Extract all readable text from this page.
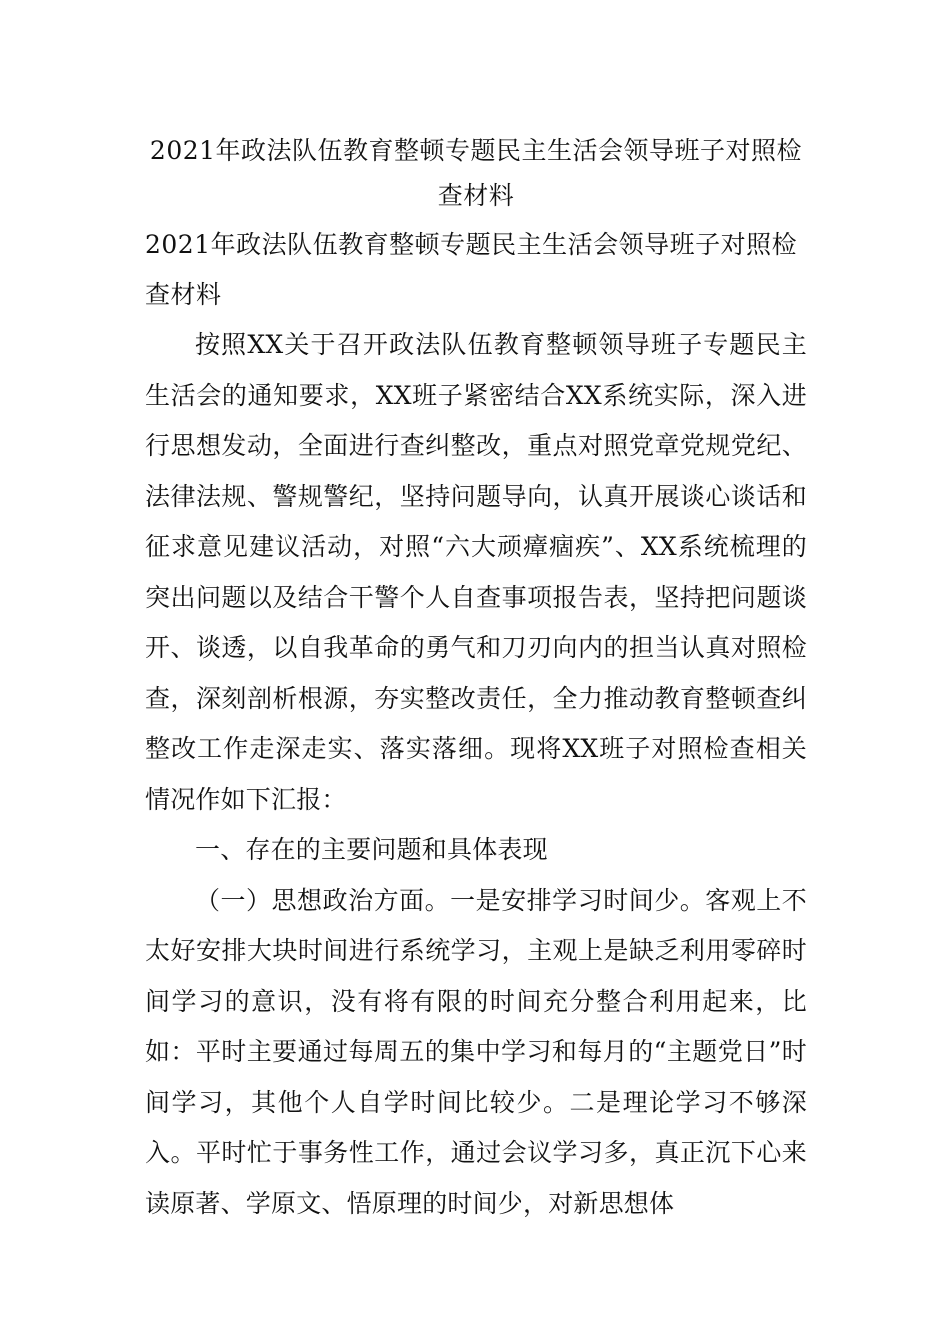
2021年政法队伍教育整顿专题民主生活会领导班子对照检查材料
2021年政法队伍教育整顿专题民主生活会领导班子对照检查材料

按照XX关于召开政法队伍教育整顿领导班子专题民主生活会的通知要求，XX班子紧密结合XX系统实际，深入进行思想发动，全面进行查纠整改，重点对照党章党规党纪、法律法规、警规警纪，坚持问题导向，认真开展谈心谈话和征求意见建议活动，对照“六大顽瘴痼疾”、XX系统梳理的突出问题以及结合干警个人自查事项报告表，坚持把问题谈开、谈透，以自我革命的勇气和刀刃向内的担当认真对照检查，深刻剖析根源，夯实整改责任，全力推动教育整顿查纠整改工作走深走实、落实落细。现将XX班子对照检查相关情况作如下汇报：

一、存在的主要问题和具体表现

（一）思想政治方面。一是安排学习时间少。客观上不太好安排大块时间进行系统学习，主观上是缺乏利用零碎时间学习的意识，没有将有限的时间充分整合利用起来，比如：平时主要通过每周五的集中学习和每月的“主题党日”时间学习，其他个人自学时间比较少。二是理论学习不够深入。平时忙于事务性工作，通过会议学习多，真正沉下心来读原著、学原文、悟原理的时间少，对新思想体
